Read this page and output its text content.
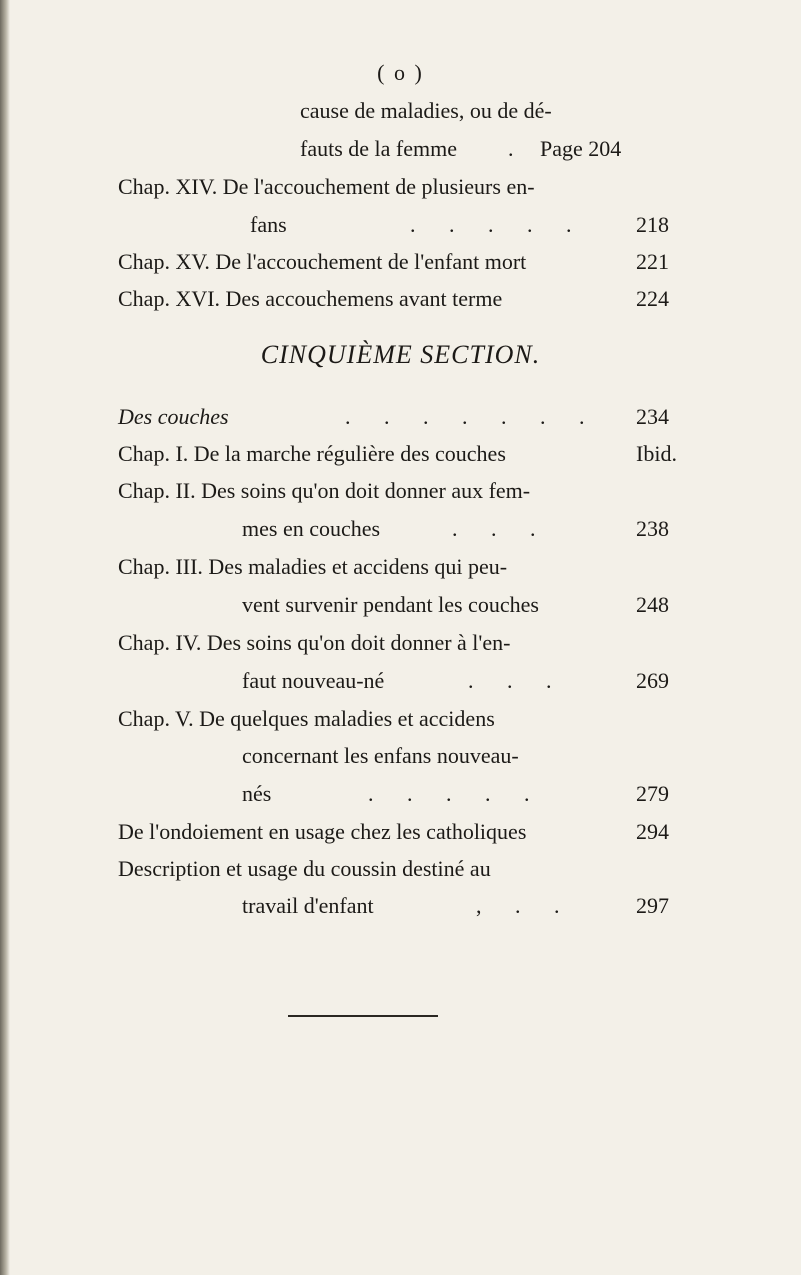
( o )
cause de maladies, ou de dé-
fauts de la femme . Page 204
Chap. XIV. De l'accouchement de plusieurs en-
fans	. . . . . 218
Chap. XV. De l'accouchement de l'enfant mort	221
Chap. XVI. Des accouchemens avant terme	224
CINQUIÈME SECTION.
Des couches	. . . . . . . 234
Chap. I. De la marche régulière des couches	Ibid.
Chap. II. Des soins qu'on doit donner aux fem-
mes en couches	. . .	238
Chap. III. Des maladies et accidens qui peu-
vent survenir pendant les couches	248
Chap. IV. Des soins qu'on doit donner à l'en-
faut nouveau-né	. . .	269
Chap. V. De quelques maladies et accidens
concernant les enfans nouveau-
nés	. . . . .	279
De l'ondoiement en usage chez les catholiques	294
Description et usage du coussin destiné au
travail d'enfant	, . .	297
